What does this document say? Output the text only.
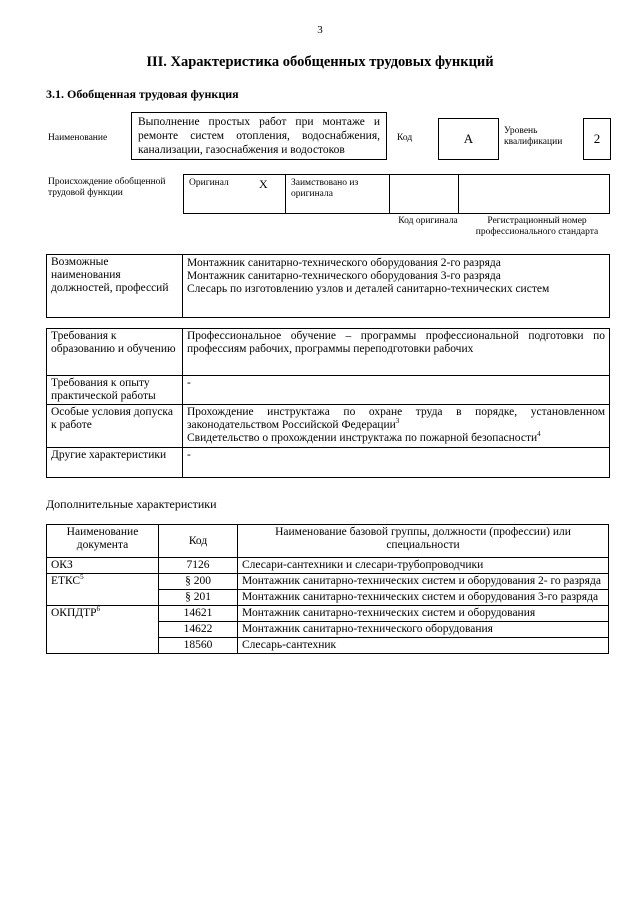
3
III. Характеристика обобщенных трудовых функций
3.1. Обобщенная трудовая функция
Наименование
Выполнение простых работ при монтаже и ремонте систем отопления, водоснабжения, канализации, газоснабжения и водостоков
Код	А	Уровень квалификации	2
Происхождение обобщенной трудовой функции
Оригинал	Х Заимствовано из оригинала
Код оригинала	Регистрационный номер профессионального стандарта
Возможные наименования должностей, профессий	
Монтажник санитарно-технического оборудования 2-го разряда
Монтажник санитарно-технического оборудования 3-го разряда
Слесарь по изготовлению узлов и деталей санитарно-технических систем
Требования к образованию и обучению	Профессиональное обучение – программы профессиональной подготовки по профессиям рабочих, программы переподготовки рабочих
Требования к опыту практической работы	-
Особые условия допуска к работе	Прохождение инструктажа по охране труда в порядке, установленном законодательством Российской Федерации$^3$
Свидетельство о прохождении инструктажа по пожарной безопасности$^4$

Другие характеристики	-
Дополнительные характеристики
Наименование документа	Код	Наименование базовой группы, должности (профессии) или специальности
ОКЗ	7126	Слесари-сантехники и слесари-трубопроводчики
ЕТКС$^5$	§ 200	Монтажник санитарно-технических систем и оборудования 2- го разряда
	§ 201	Монтажник санитарно-технических систем и оборудования 3-го разряда
ОКПДТР$^6$	14621	Монтажник санитарно-технических систем и оборудования
	14622	Монтажник санитарно-технического оборудования
	18560	Слесарь-сантехник
